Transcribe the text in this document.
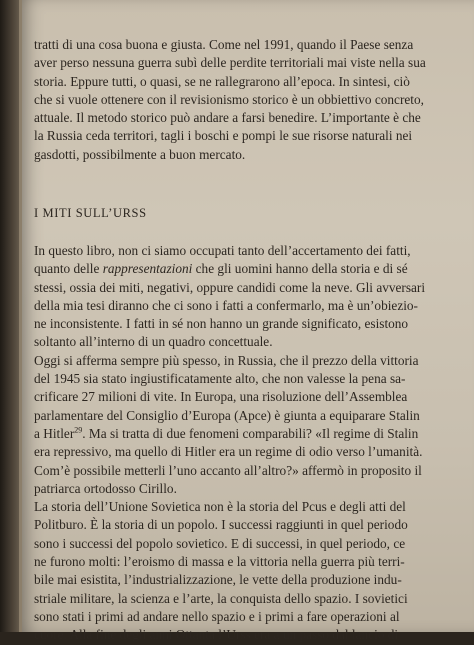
tratti di una cosa buona e giusta. Come nel 1991, quando il Paese senza
aver perso nessuna guerra subì delle perdite territoriali mai viste nella sua
storia. Eppure tutti, o quasi, se ne rallegrarono all’epoca. In sintesi, ciò
che si vuole ottenere con il revisionismo storico è un obbiettivo concreto,
attuale. Il metodo storico può andare a farsi benedire. L’importante è che
la Russia ceda territori, tagli i boschi e pompi le sue risorse naturali nei
gasdotti, possibilmente a buon mercato.
I MITI SULL’URSS
In questo libro, non ci siamo occupati tanto dell’accertamento dei fatti,
quanto delle rappresentazioni che gli uomini hanno della storia e di sé
stessi, ossia dei miti, negativi, oppure candidi come la neve. Gli avversari
della mia tesi diranno che ci sono i fatti a confermarlo, ma è un’obiezio-
ne inconsistente. I fatti in sé non hanno un grande significato, esistono
soltanto all’interno di un quadro concettuale.
Oggi si afferma sempre più spesso, in Russia, che il prezzo della vittoria
del 1945 sia stato ingiustificatamente alto, che non valesse la pena sa-
crificare 27 milioni di vite. In Europa, una risoluzione dell’Assemblea
parlamentare del Consiglio d’Europa (Apce) è giunta a equiparare Stalin
a Hitler$^{29}$. Ma si tratta di due fenomeni comparabili? «Il regime di Stalin
era repressivo, ma quello di Hitler era un regime di odio verso l’umanità.
Com’è possibile metterli l’uno accanto all’altro?» affermò in proposito il
patriarca ortodosso Cirillo.
La storia dell’Unione Sovietica non è la storia del Pcus e degli atti del
Politburo. È la storia di un popolo. I successi raggiunti in quel periodo
sono i successi del popolo sovietico. E di successi, in quel periodo, ce
ne furono molti: l’eroismo di massa e la vittoria nella guerra più terri-
bile mai esistita, l’industrializzazione, le vette della produzione indu-
striale militare, la scienza e l’arte, la conquista dello spazio. I sovietici
sono stati i primi ad andare nello spazio e i primi a fare operazioni al
cuore. Alla fine degli anni Ottanta l’Urss era a un passo dal lancio di
